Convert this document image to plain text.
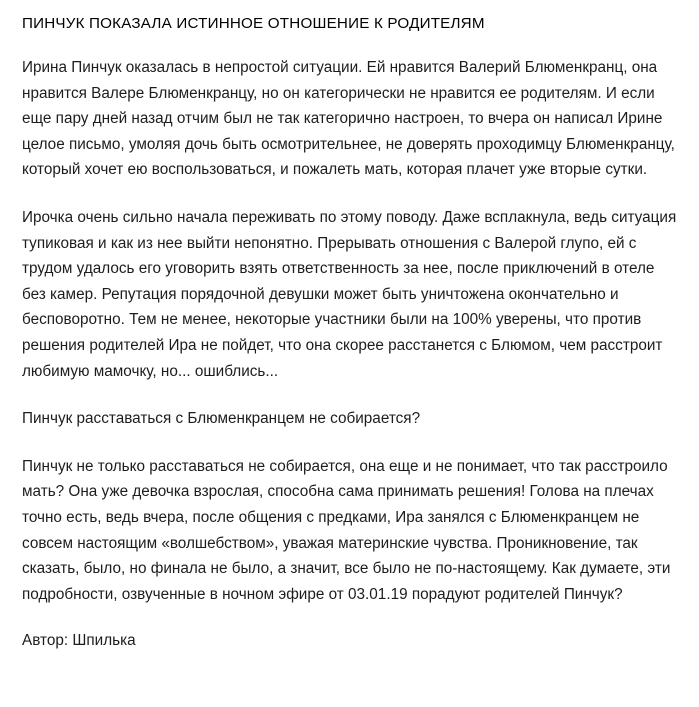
ПИНЧУК ПОКАЗАЛА ИСТИННОЕ ОТНОШЕНИЕ К РОДИТЕЛЯМ

Ирина Пинчук оказалась в непростой ситуации. Ей нравится Валерий Блюменкранц, она нравится Валере Блюменкранцу, но он категорически не нравится ее родителям. И если еще пару дней назад отчим был не так категорично настроен, то вчера он написал Ирине целое письмо, умоляя дочь быть осмотрительнее, не доверять проходимцу Блюменкранцу, который хочет ею воспользоваться, и пожалеть мать, которая плачет уже вторые сутки.

Ирочка очень сильно начала переживать по этому поводу. Даже всплакнула, ведь ситуация тупиковая и как из нее выйти непонятно. Прерывать отношения с Валерой глупо, ей с трудом удалось его уговорить взять ответственность за нее, после приключений в отеле без камер. Репутация порядочной девушки может быть уничтожена окончательно и бесповоротно. Тем не менее, некоторые участники были на 100% уверены, что против решения родителей Ира не пойдет, что она скорее расстанется с Блюмом, чем расстроит любимую мамочку, но... ошиблись...

Пинчук расставаться с Блюменкранцем не собирается?

Пинчук не только расставаться не собирается, она еще и не понимает, что так расстроило мать? Она уже девочка взрослая, способна сама принимать решения! Голова на плечах точно есть, ведь вчера, после общения с предками, Ира занялся с Блюменкранцем не совсем настоящим «волшебством», уважая материнские чувства. Проникновение, так сказать, было, но финала не было, а значит, все было не по-настоящему. Как думаете, эти подробности, озвученные в ночном эфире от 03.01.19 порадуют родителей Пинчук?

Автор: Шпилька
